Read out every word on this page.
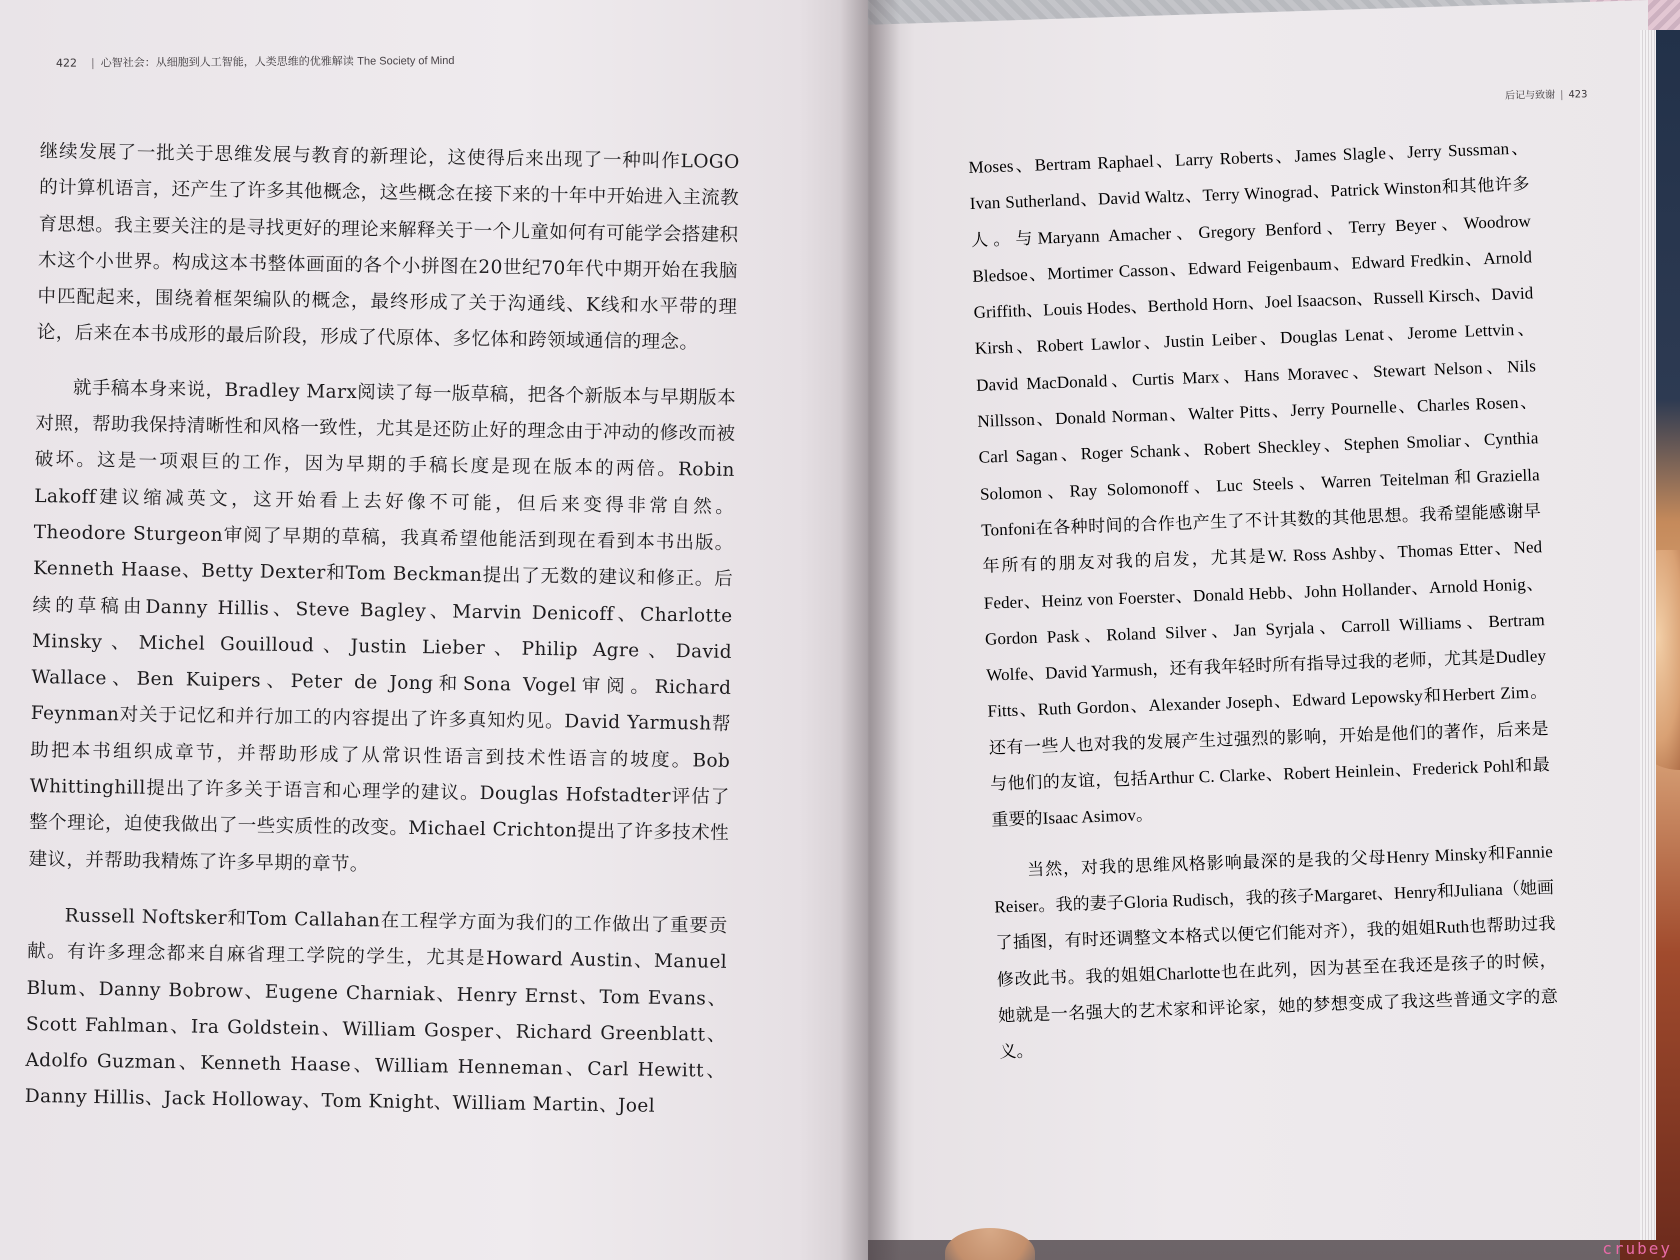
422 | 心智社会：从细胞到人工智能，人类思维的优雅解读 The Society of Mind

继续发展了一批关于思维发展与教育的新理论，这使得后来出现了一种叫作LOGO的计算机语言，还产生了许多其他概念，这些概念在接下来的十年中开始进入主流教育思想。我主要关注的是寻找更好的理论来解释关于一个儿童如何有可能学会搭建积木这个小世界。构成这本书整体画面的各个小拼图在20世纪70年代中期开始在我脑中匹配起来，围绕着框架编队的概念，最终形成了关于沟通线、K线和水平带的理论，后来在本书成形的最后阶段，形成了代原体、多忆体和跨领域通信的理念。

就手稿本身来说，Bradley Marx阅读了每一版草稿，把各个新版本与早期版本对照，帮助我保持清晰性和风格一致性，尤其是还防止好的理念由于冲动的修改而被破坏。这是一项艰巨的工作，因为早期的手稿长度是现在版本的两倍。Robin Lakoff建议缩减英文，这开始看上去好像不可能，但后来变得非常自然。Theodore Sturgeon审阅了早期的草稿，我真希望他能活到现在看到本书出版。Kenneth Haase、Betty Dexter和Tom Beckman提出了无数的建议和修正。后续的草稿由Danny Hillis、Steve Bagley、Marvin Denicoff、Charlotte Minsky、Michel Gouilloud、Justin Lieber、Philip Agre、David Wallace、Ben Kuipers、Peter de Jong和Sona Vogel审阅。Richard Feynman对关于记忆和并行加工的内容提出了许多真知灼见。David Yarmush帮助把本书组织成章节，并帮助形成了从常识性语言到技术性语言的坡度。Bob Whittinghill提出了许多关于语言和心理学的建议。Douglas Hofstadter评估了整个理论，迫使我做出了一些实质性的改变。Michael Crichton提出了许多技术性建议，并帮助我精炼了许多早期的章节。

Russell Noftsker和Tom Callahan在工程学方面为我们的工作做出了重要贡献。有许多理念都来自麻省理工学院的学生，尤其是Howard Austin、Manuel Blum、Danny Bobrow、Eugene Charniak、Henry Ernst、Tom Evans、Scott Fahlman、Ira Goldstein、William Gosper、Richard Greenblatt、Adolfo Guzman、Kenneth Haase、William Henneman、Carl Hewitt、Danny Hillis、Jack Holloway、Tom Knight、William Martin、Joel

后记与致谢 | 423

Moses、Bertram Raphael、Larry Roberts、James Slagle、Jerry Sussman、Ivan Sutherland、David Waltz、Terry Winograd、Patrick Winston和其他许多人。与Maryann Amacher、Gregory Benford、Terry Beyer、Woodrow Bledsoe、Mortimer Casson、Edward Feigenbaum、Edward Fredkin、Arnold Griffith、Louis Hodes、Berthold Horn、Joel Isaacson、Russell Kirsch、David Kirsh、Robert Lawlor、Justin Leiber、Douglas Lenat、Jerome Lettvin、David MacDonald、Curtis Marx、Hans Moravec、Stewart Nelson、Nils Nillsson、Donald Norman、Walter Pitts、Jerry Pournelle、Charles Rosen、Carl Sagan、Roger Schank、Robert Sheckley、Stephen Smoliar、Cynthia Solomon、Ray Solomonoff、Luc Steels、Warren Teitelman和Graziella Tonfoni在各种时间的合作也产生了不计其数的其他思想。我希望能感谢早年所有的朋友对我的启发，尤其是W. Ross Ashby、Thomas Etter、Ned Feder、Heinz von Foerster、Donald Hebb、John Hollander、Arnold Honig、Gordon Pask、Roland Silver、Jan Syrjala、Carroll Williams、Bertram Wolfe、David Yarmush，还有我年轻时所有指导过我的老师，尤其是Dudley Fitts、Ruth Gordon、Alexander Joseph、Edward Lepowsky和Herbert Zim。还有一些人也对我的发展产生过强烈的影响，开始是他们的著作，后来是与他们的友谊，包括Arthur C. Clarke、Robert Heinlein、Frederick Pohl和最重要的Isaac Asimov。

当然，对我的思维风格影响最深的是我的父母Henry Minsky和Fannie Reiser。我的妻子Gloria Rudisch，我的孩子Margaret、Henry和Juliana（她画了插图，有时还调整文本格式以便它们能对齐），我的姐姐Ruth也帮助过我修改此书。我的姐姐Charlotte也在此列，因为甚至在我还是孩子的时候，她就是一名强大的艺术家和评论家，她的梦想变成了我这些普通文字的意义。

crubey
